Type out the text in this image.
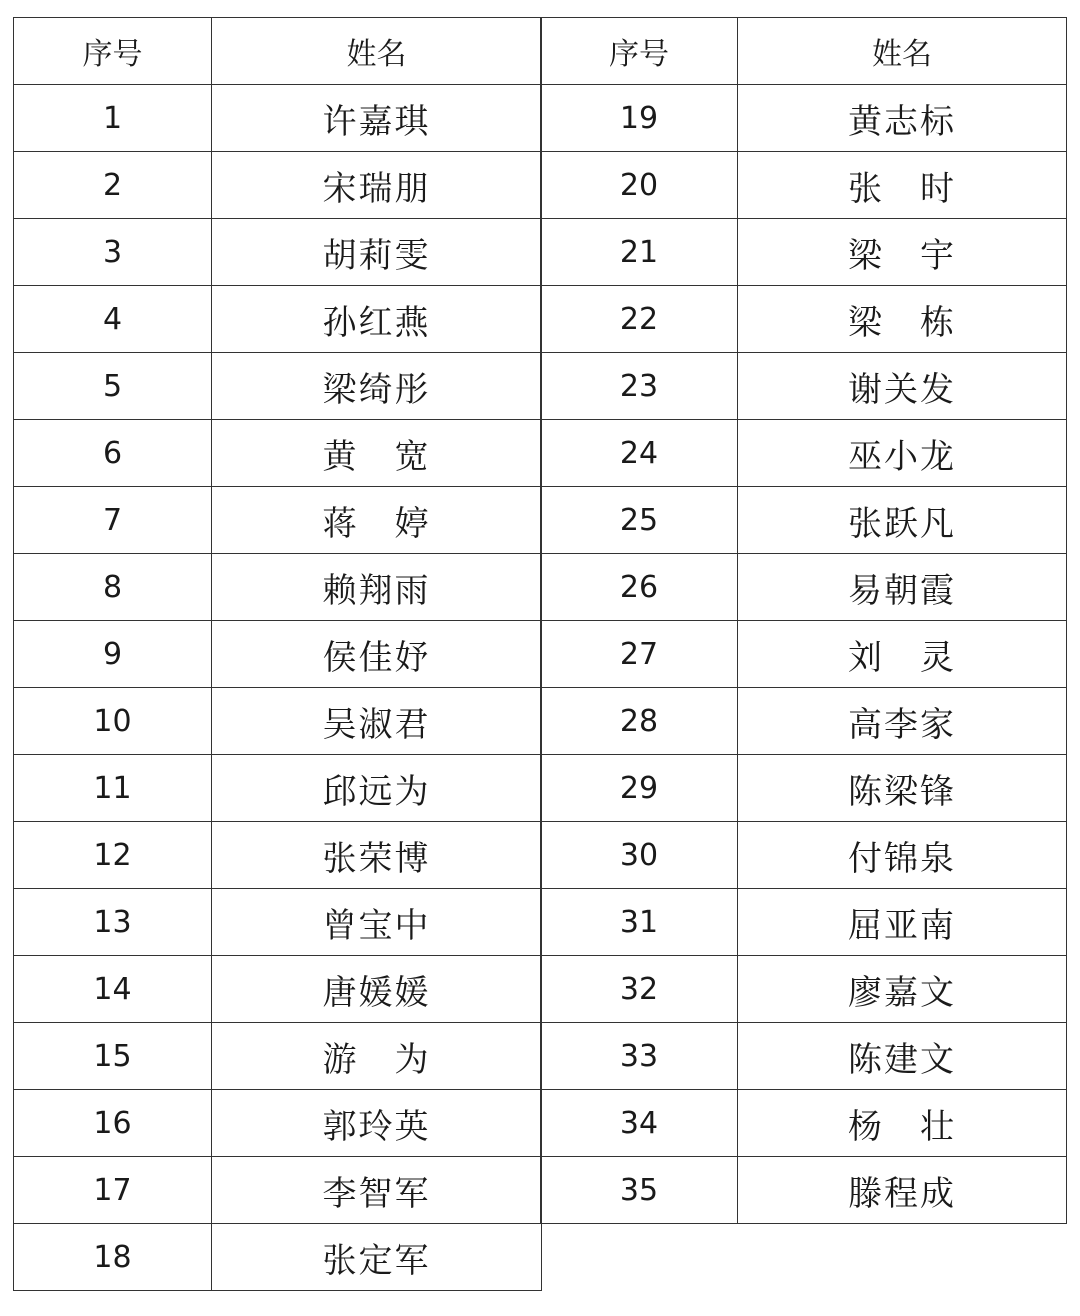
序号	姓名
1	许嘉琪
2	宋瑞朋
3	胡莉雯
4	孙红燕
5	梁绮彤
6	黄　宽
7	蒋　婷
8	赖翔雨
9	侯佳妤
10	吴淑君
11	邱远为
12	张荣博
13	曾宝中
14	唐媛媛
15	游　为
16	郭玲英
17	李智军
18	张定军
序号	姓名
19	黄志标
20	张　时
21	梁　宇
22	梁　栋
23	谢关发
24	巫小龙
25	张跃凡
26	易朝霞
27	刘　灵
28	高李家
29	陈梁锋
30	付锦泉
31	屈亚南
32	廖嘉文
33	陈建文
34	杨　壮
35	滕程成
